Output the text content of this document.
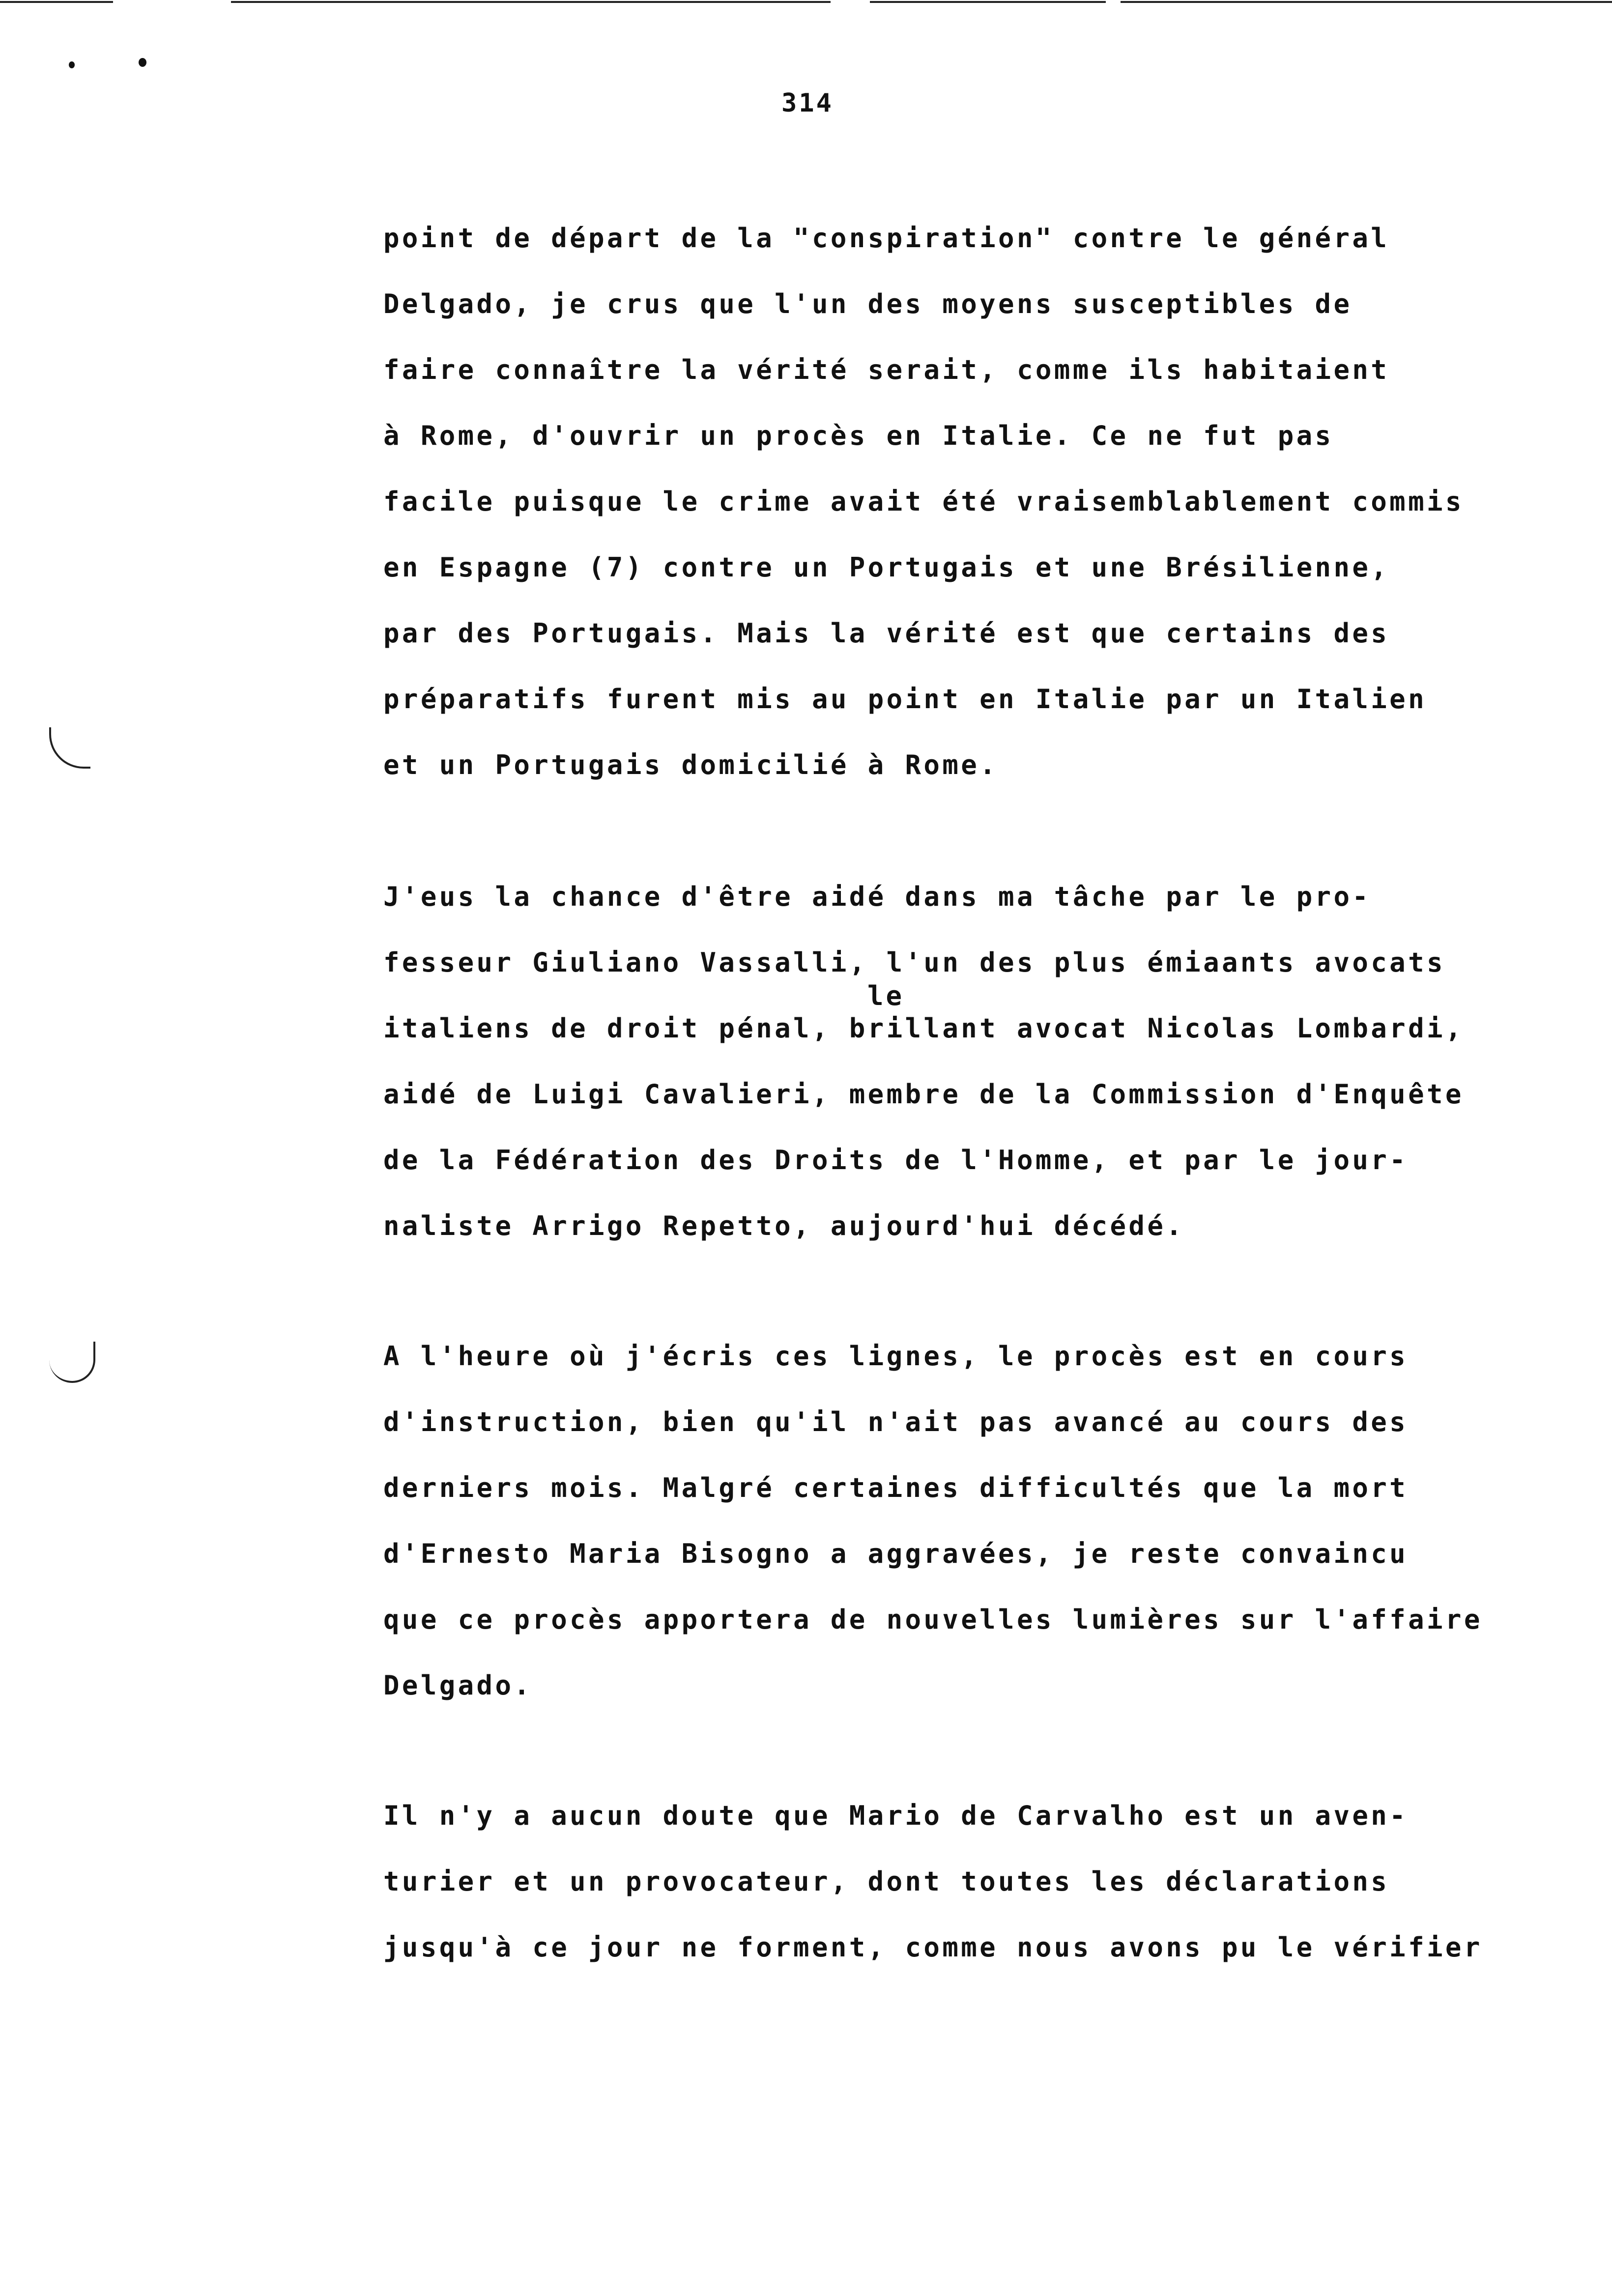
314
point de départ de la "conspiration" contre le général
Delgado, je crus que l'un des moyens susceptibles de
faire connaître la vérité serait, comme ils habitaient
à Rome, d'ouvrir un procès en Italie. Ce ne fut pas
facile puisque le crime avait été vraisemblablement commis
en Espagne (7) contre un Portugais et une Brésilienne,
par des Portugais. Mais la vérité est que certains des
préparatifs furent mis au point en Italie par un Italien
et un Portugais domicilié à Rome.
J'eus la chance d'être aidé dans ma tâche par le pro-
fesseur Giuliano Vassalli, l'un des plus émiaants avocats
le
italiens de droit pénal, brillant avocat Nicolas Lombardi,
aidé de Luigi Cavalieri, membre de la Commission d'Enquête
de la Fédération des Droits de l'Homme, et par le jour-
naliste Arrigo Repetto, aujourd'hui décédé.
A l'heure où j'écris ces lignes, le procès est en cours
d'instruction, bien qu'il n'ait pas avancé au cours des
derniers mois. Malgré certaines difficultés que la mort
d'Ernesto Maria Bisogno a aggravées, je reste convaincu
que ce procès apportera de nouvelles lumières sur l'affaire
Delgado.
Il n'y a aucun doute que Mario de Carvalho est un aven-
turier et un provocateur, dont toutes les déclarations
jusqu'à ce jour ne forment, comme nous avons pu le vérifier
